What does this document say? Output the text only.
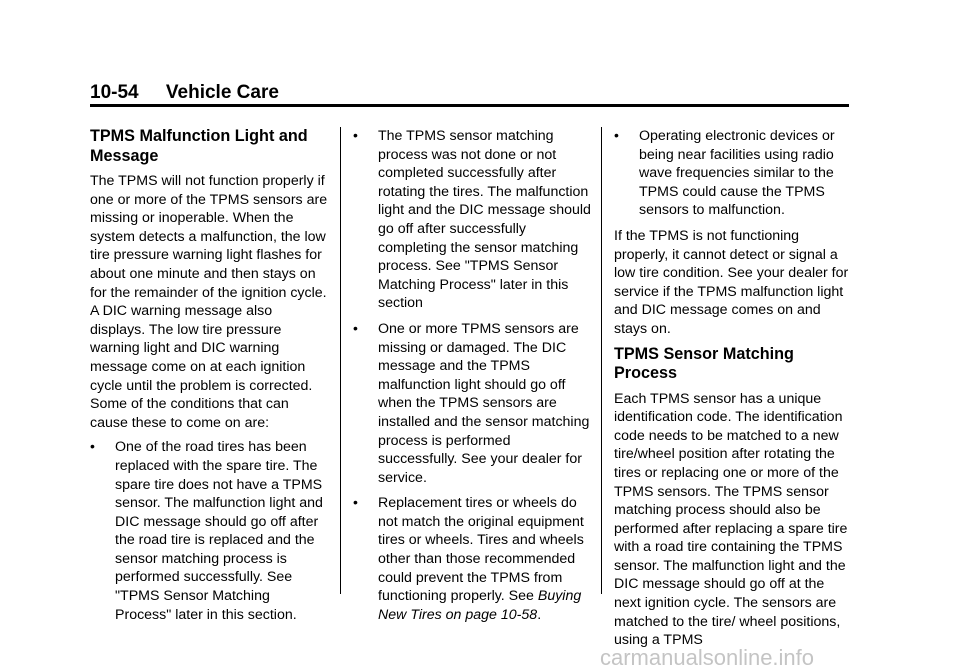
10-54 Vehicle Care
TPMS Malfunction Light and Message

The TPMS will not function properly if one or more of the TPMS sensors are missing or inoperable. When the system detects a malfunction, the low tire pressure warning light flashes for about one minute and then stays on for the remainder of the ignition cycle. A DIC warning message also displays. The low tire pressure warning light and DIC warning message come on at each ignition cycle until the problem is corrected. Some of the conditions that can cause these to come on are:

• One of the road tires has been replaced with the spare tire. The spare tire does not have a TPMS sensor. The malfunction light and DIC message should go off after the road tire is replaced and the sensor matching process is performed successfully. See "TPMS Sensor Matching Process" later in this section.
• The TPMS sensor matching process was not done or not completed successfully after rotating the tires. The malfunction light and the DIC message should go off after successfully completing the sensor matching process. See "TPMS Sensor Matching Process" later in this section
• One or more TPMS sensors are missing or damaged. The DIC message and the TPMS malfunction light should go off when the TPMS sensors are installed and the sensor matching process is performed successfully. See your dealer for service.
• Replacement tires or wheels do not match the original equipment tires or wheels. Tires and wheels other than those recommended could prevent the TPMS from functioning properly. See Buying New Tires on page 10-58.
• Operating electronic devices or being near facilities using radio wave frequencies similar to the TPMS could cause the TPMS sensors to malfunction.

If the TPMS is not functioning properly, it cannot detect or signal a low tire condition. See your dealer for service if the TPMS malfunction light and DIC message comes on and stays on.

TPMS Sensor Matching Process

Each TPMS sensor has a unique identification code. The identification code needs to be matched to a new tire/wheel position after rotating the tires or replacing one or more of the TPMS sensors. The TPMS sensor matching process should also be performed after replacing a spare tire with a road tire containing the TPMS sensor. The malfunction light and the DIC message should go off at the next ignition cycle. The sensors are matched to the tire/ wheel positions, using a TPMS

carmanualsonline.info
